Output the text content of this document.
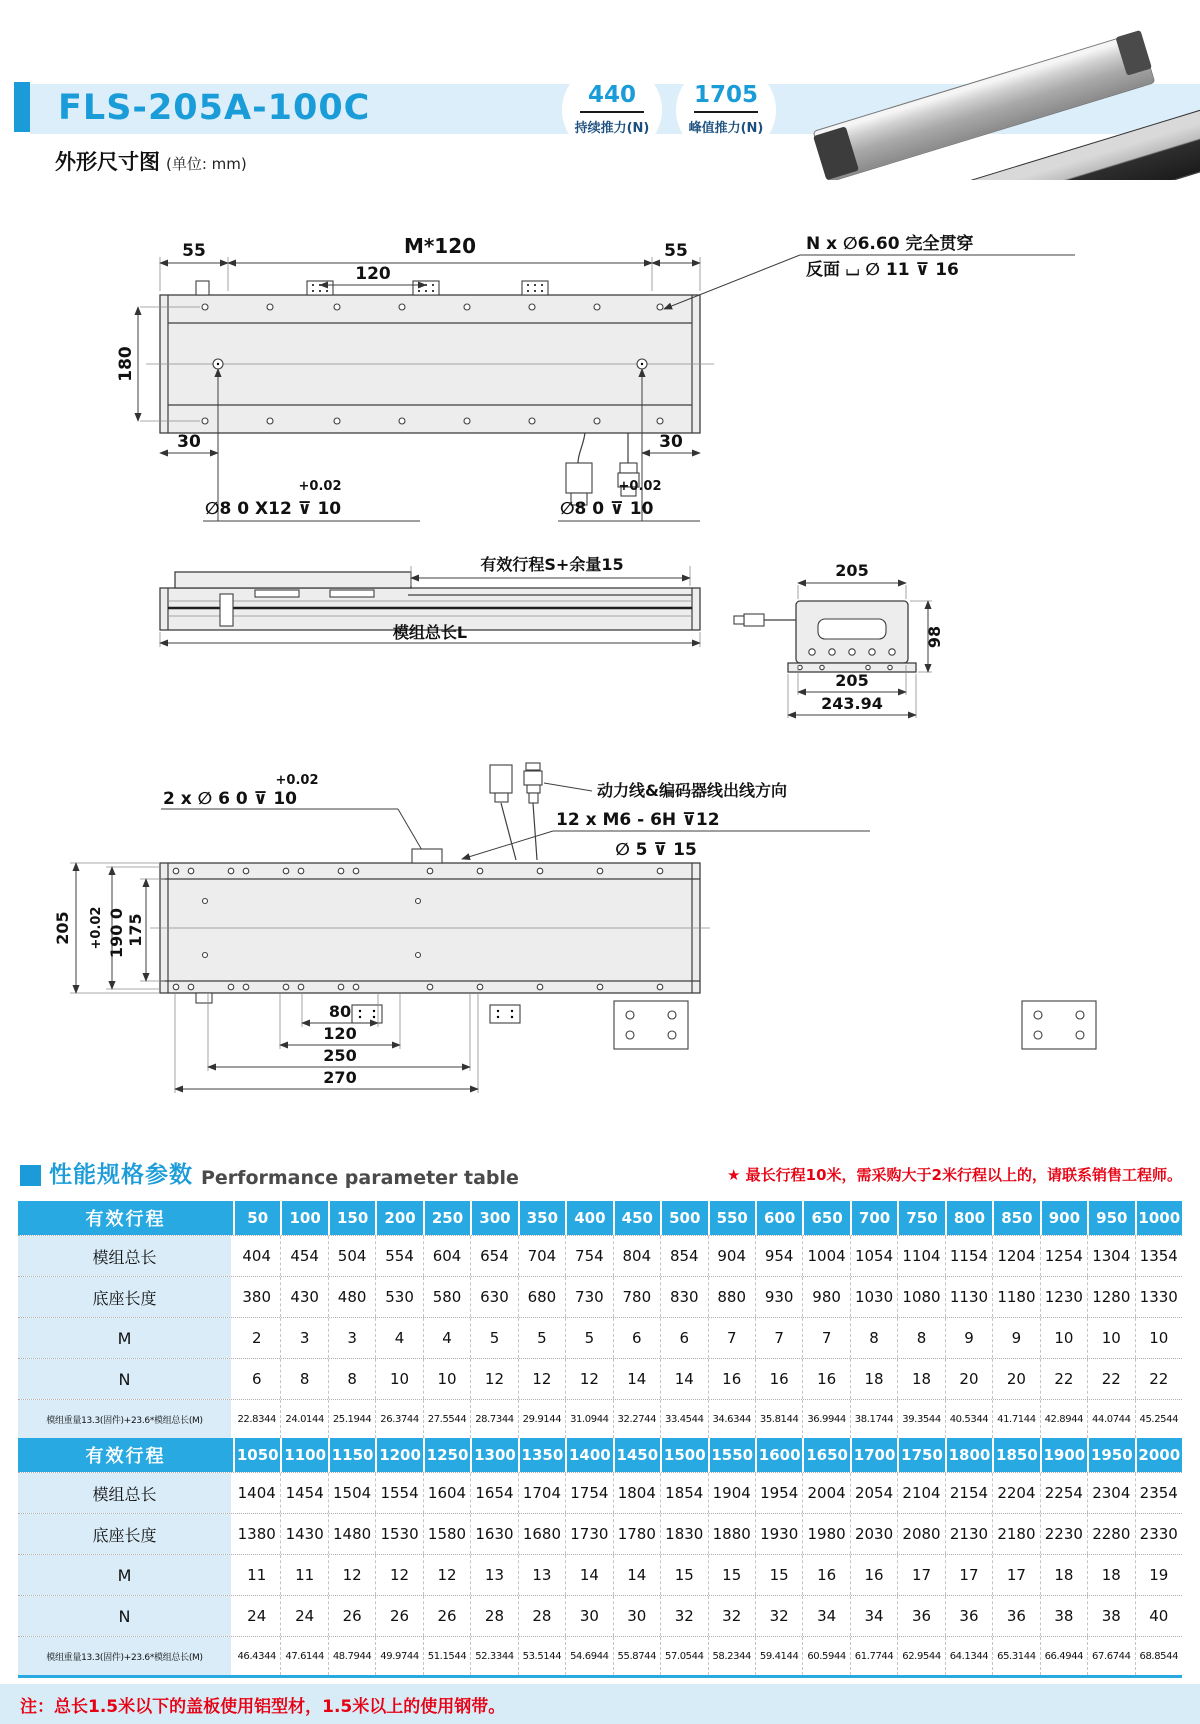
FLS-205A-100C	440
持续推力(N)
1705
峰值推力(N)
外形尺寸图 (单位: mm)
55	M*120	55
120
180
30	30
N x ∅6.60 完全贯穿
反面 ⌴ ∅ 11 ⊽ 16
+0.02
∅8 0 X12 ⊽ 10
+0.02
∅8 0 ⊽ 10
有效行程S+余量15
模组总长L
205
98
205
243.94
+0.02
2 x ∅ 6 0 ⊽ 10	动力线&编码器线出线方向
12 x M6 - 6H ⊽12
∅ 5 ⊽ 15
205 +0.02 190 0 175
80
120
250
270
性能规格参数 Performance parameter table	★ 最长行程10米，需采购大于2米行程以上的，请联系销售工程师。
有效行程	50	100	150	200	250	300	350	400	450	500	550	600	650	700	750	800	850	900	950 1000
模组总长	404	454	504	554	604	654	704	754	804	854	904	954 1004 1054 1104 1154 1204 1254 1304 1354
底座长度	380	430	480	530	580	630	680	730	780	830	880	930	980 1030 1080 1130 1180 1230 1280 1330
M	2	3	3	4	4	5	5	5	6	6	7	7	7	8	8	9	9	10	10	10
N	6	8	8	10	10	12	12	12	14	14	16	16	16	18	18	20	20	22	22	22
模组重量13.3(固件)+23.6*模组总长(M)	22.8344 24.0144 25.1944 26.3744 27.5544 28.7344 29.9144 31.0944 32.2744 33.4544 34.6344 35.8144 36.9944 38.1744 39.3544 40.5344 41.7144 42.8944 44.0744 45.2544
有效行程	1050 1100 1150 1200 1250 1300 1350 1400 1450 1500 1550 1600 1650 1700 1750 1800 1850 1900 1950 2000
模组总长	1404 1454 1504 1554 1604 1654 1704 1754 1804 1854 1904 1954 2004 2054 2104 2154 2204 2254 2304 2354
底座长度	1380 1430 1480 1530 1580 1630 1680 1730 1780 1830 1880 1930 1980 2030 2080 2130 2180 2230 2280 2330
M	11	11	12	12	12	13	13	14	14	15	15	15	16	16	17	17	17	18	18	19
N	24	24	26	26	26	28	28	30	30	32	32	32	34	34	36	36	36	38	38	40
模组重量13.3(固件)+23.6*模组总长(M)	46.4344 47.6144 48.7944 49.9744 51.1544 52.3344 53.5144 54.6944 55.8744 57.0544 58.2344 59.4144 60.5944 61.7744 62.9544 64.1344 65.3144 66.4944 67.6744 68.8544
注：总长1.5米以下的盖板使用铝型材，1.5米以上的使用钢带。
